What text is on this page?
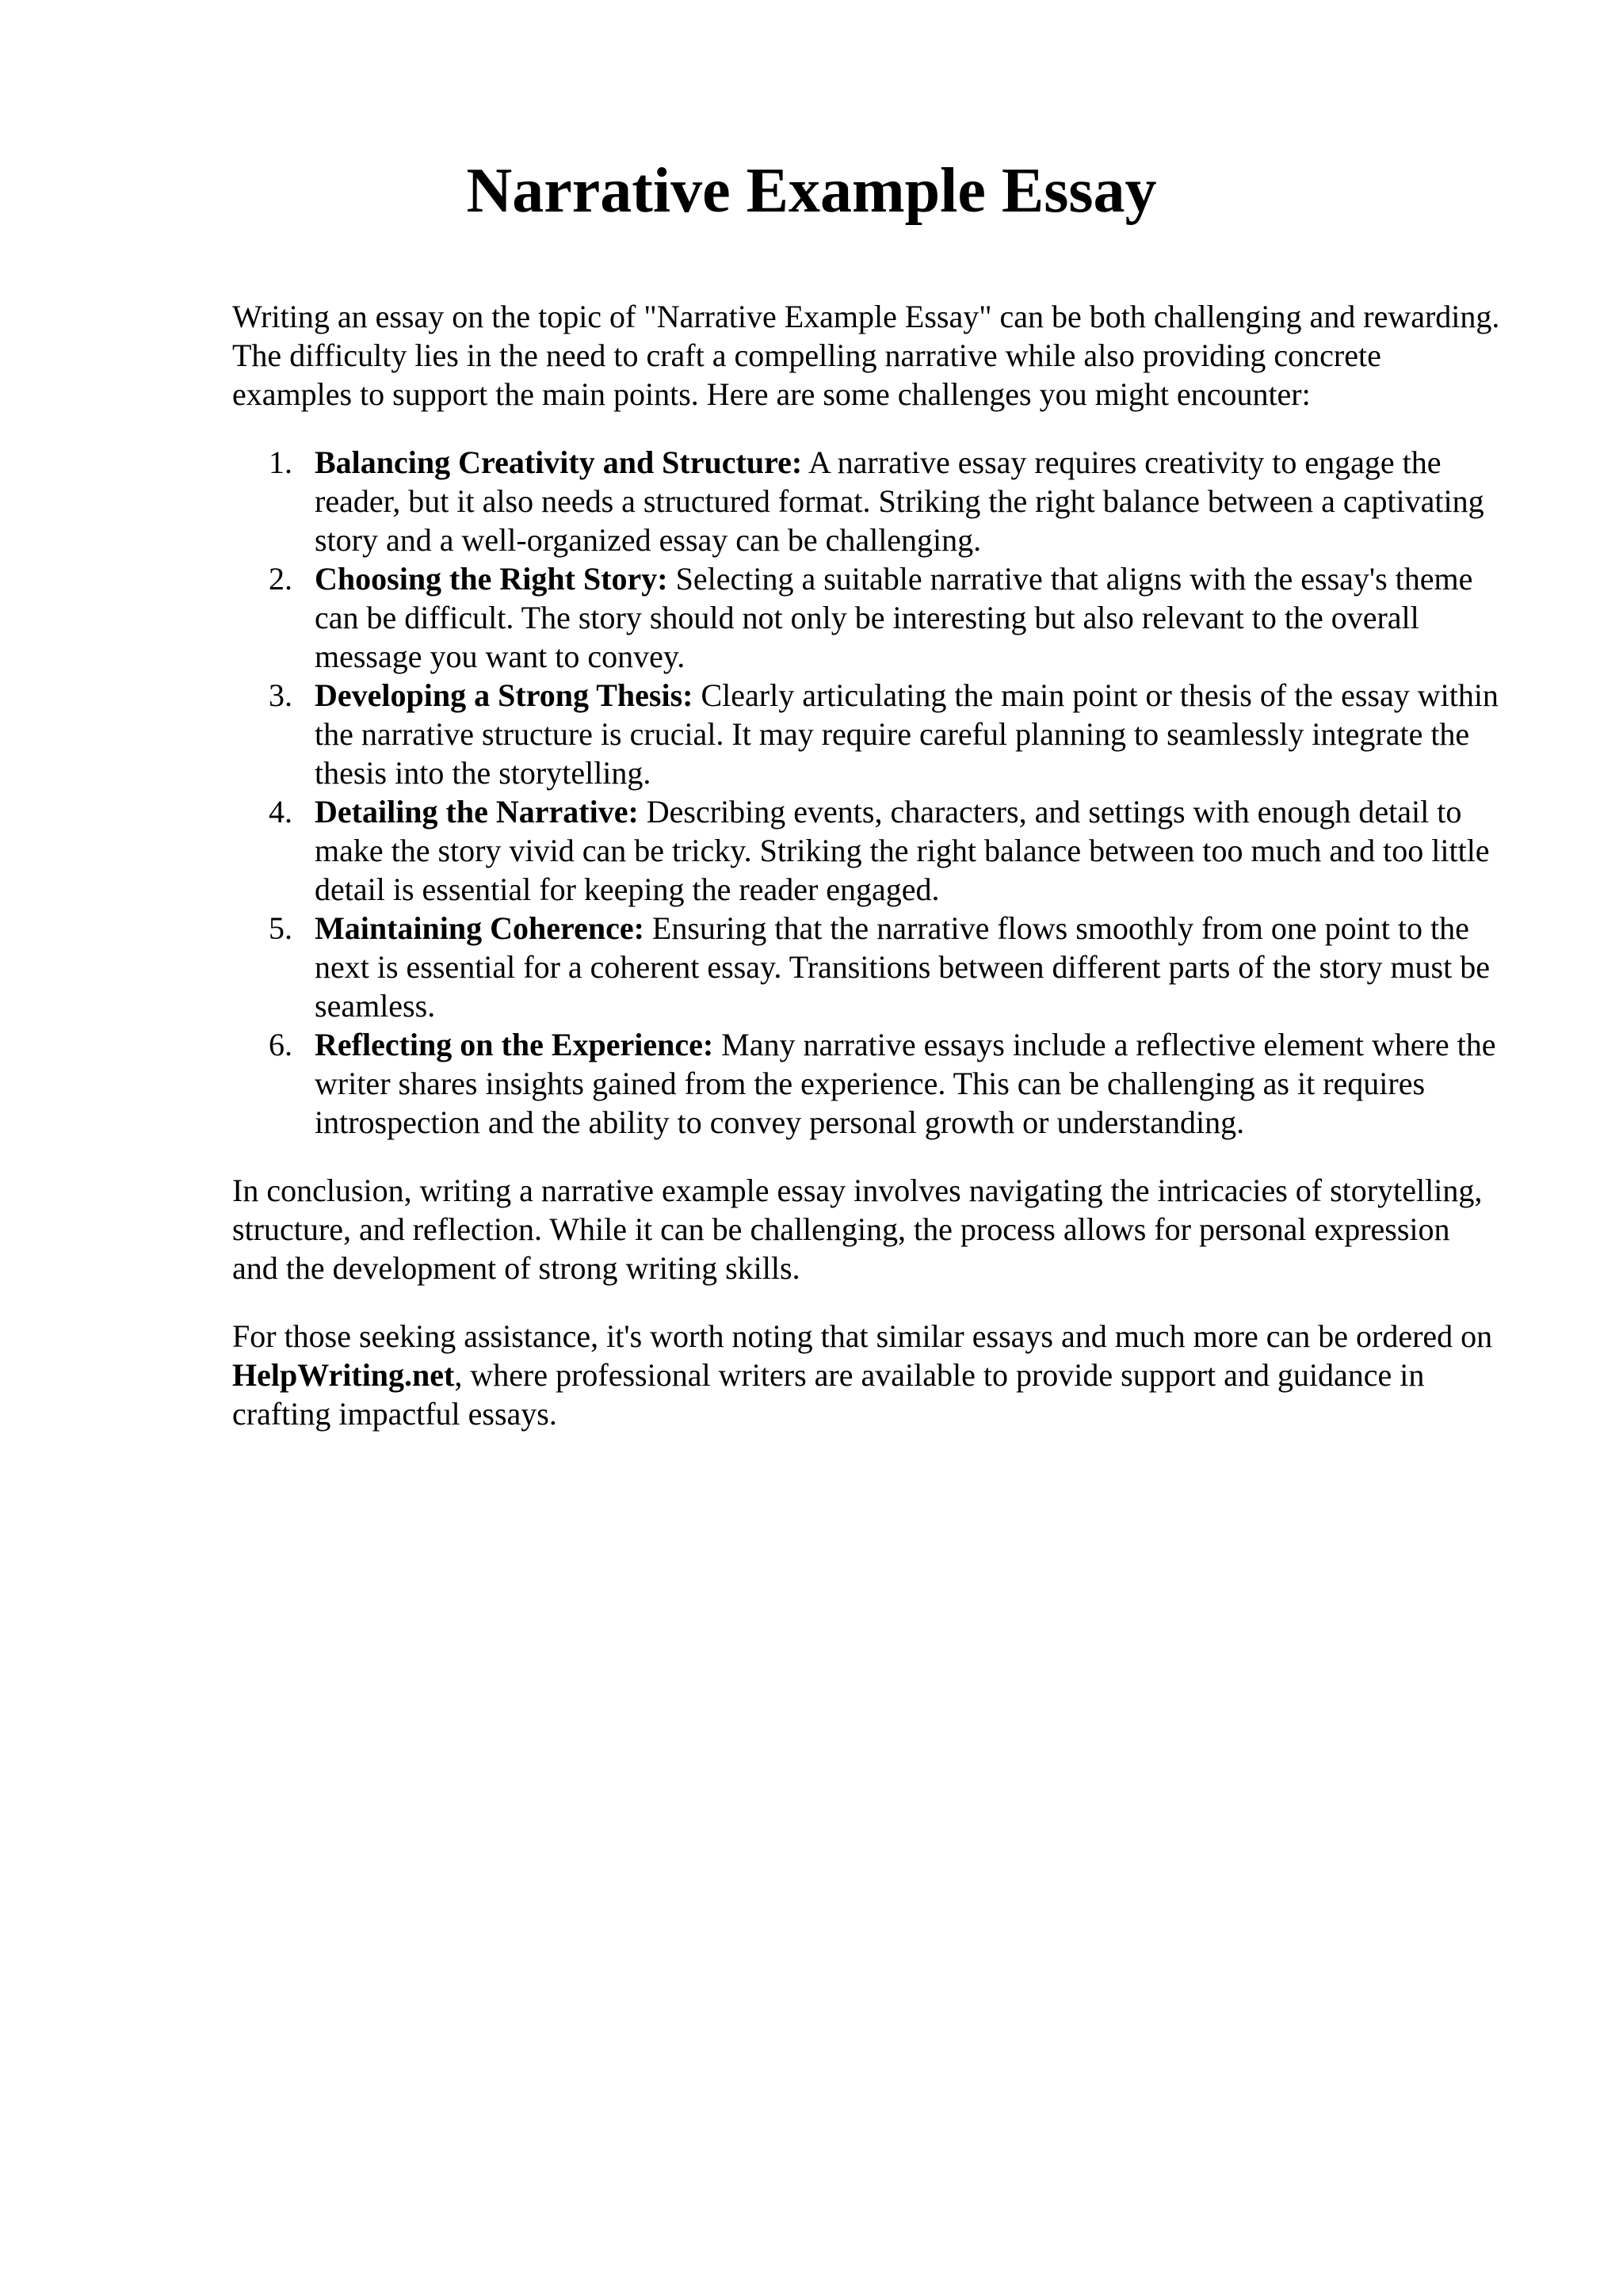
Narrative Example Essay

Writing an essay on the topic of "Narrative Example Essay" can be both challenging and rewarding. The difficulty lies in the need to craft a compelling narrative while also providing concrete examples to support the main points. Here are some challenges you might encounter:

1. Balancing Creativity and Structure: A narrative essay requires creativity to engage the reader, but it also needs a structured format. Striking the right balance between a captivating story and a well-organized essay can be challenging.
2. Choosing the Right Story: Selecting a suitable narrative that aligns with the essay's theme can be difficult. The story should not only be interesting but also relevant to the overall message you want to convey.
3. Developing a Strong Thesis: Clearly articulating the main point or thesis of the essay within the narrative structure is crucial. It may require careful planning to seamlessly integrate the thesis into the storytelling.
4. Detailing the Narrative: Describing events, characters, and settings with enough detail to make the story vivid can be tricky. Striking the right balance between too much and too little detail is essential for keeping the reader engaged.
5. Maintaining Coherence: Ensuring that the narrative flows smoothly from one point to the next is essential for a coherent essay. Transitions between different parts of the story must be seamless.
6. Reflecting on the Experience: Many narrative essays include a reflective element where the writer shares insights gained from the experience. This can be challenging as it requires introspection and the ability to convey personal growth or understanding.

In conclusion, writing a narrative example essay involves navigating the intricacies of storytelling, structure, and reflection. While it can be challenging, the process allows for personal expression and the development of strong writing skills.

For those seeking assistance, it's worth noting that similar essays and much more can be ordered on HelpWriting.net, where professional writers are available to provide support and guidance in crafting impactful essays.
